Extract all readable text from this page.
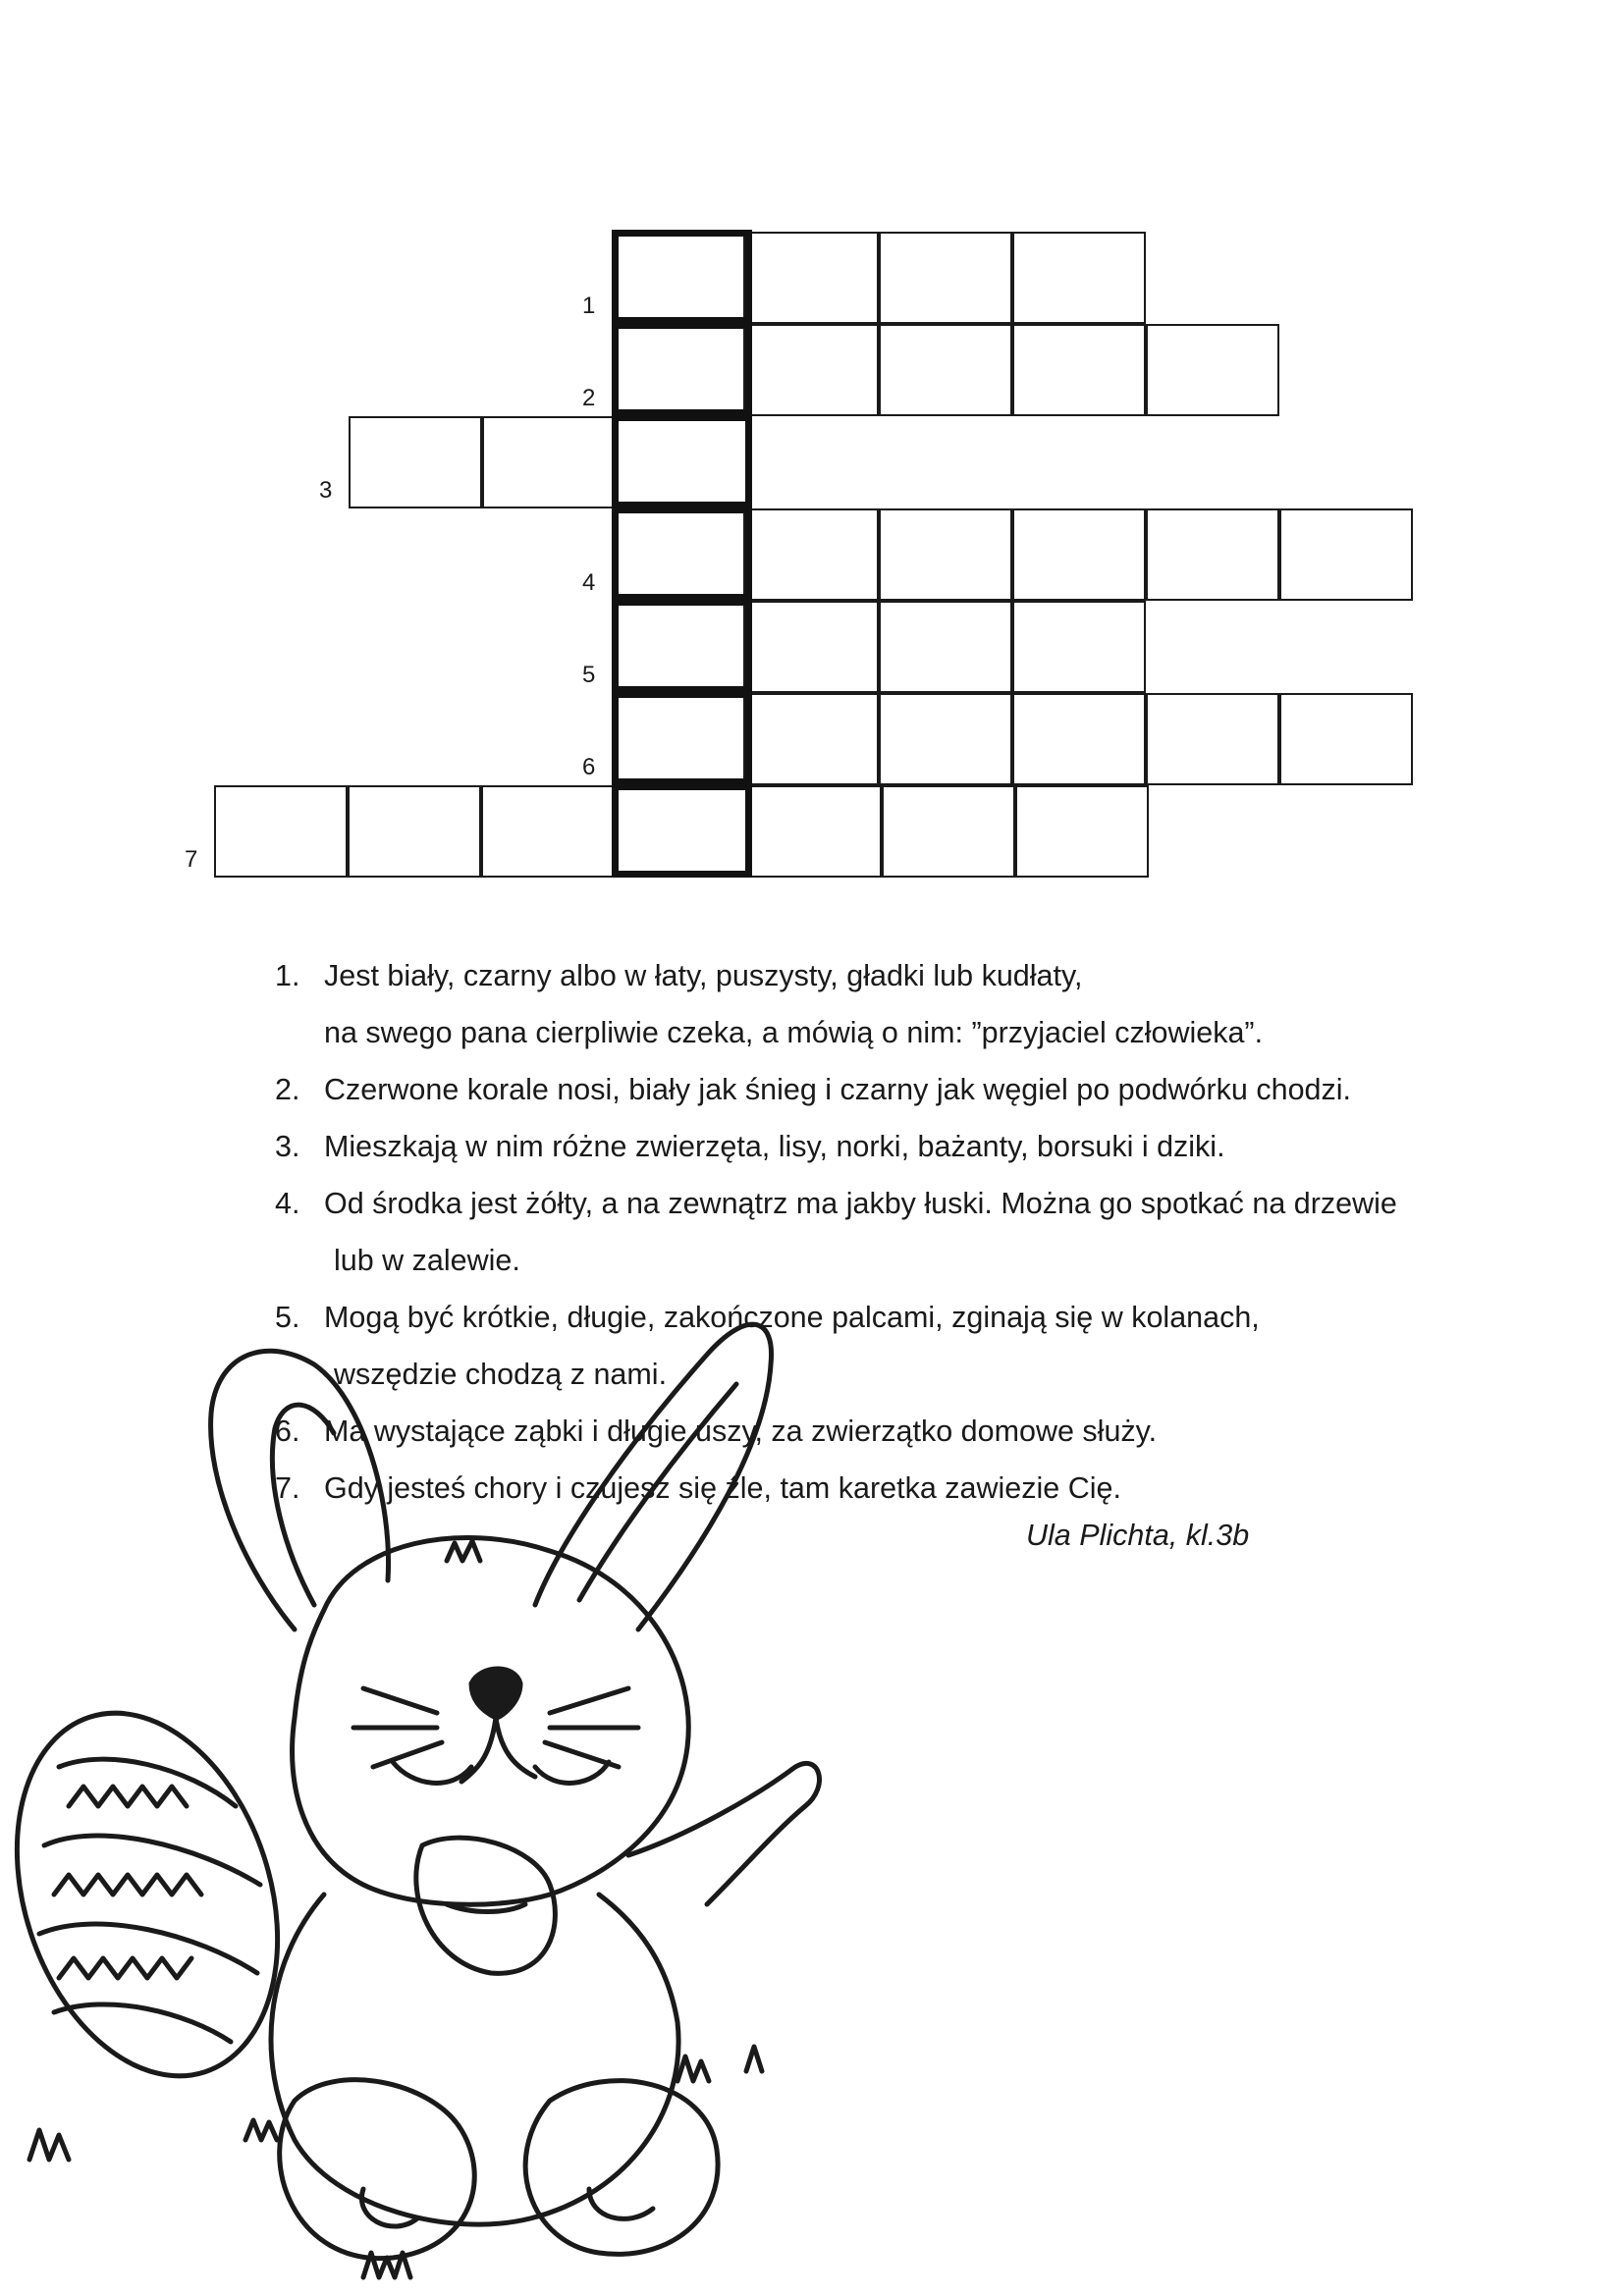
1
2
3
4
5
6
7
1. Jest biały, czarny albo w łaty, puszysty, gładki lub kudłaty,
na swego pana cierpliwie czeka, a mówią o nim: ”przyjaciel człowieka”.
2. Czerwone korale nosi, biały jak śnieg i czarny jak węgiel po podwórku chodzi.
3. Mieszkają w nim różne zwierzęta, lisy, norki, bażanty, borsuki i dziki.
4. Od środka jest żółty, a na zewnątrz ma jakby łuski. Można go spotkać na drzewie
lub w zalewie.
5. Mogą być krótkie, długie, zakończone palcami, zginają się w kolanach,
wszędzie chodzą z nami.
6. Ma wystające ząbki i długie uszy, za zwierzątko domowe służy.
7. Gdy jesteś chory i czujesz się źle, tam karetka zawiezie Cię.
Ula Plichta, kl.3b
